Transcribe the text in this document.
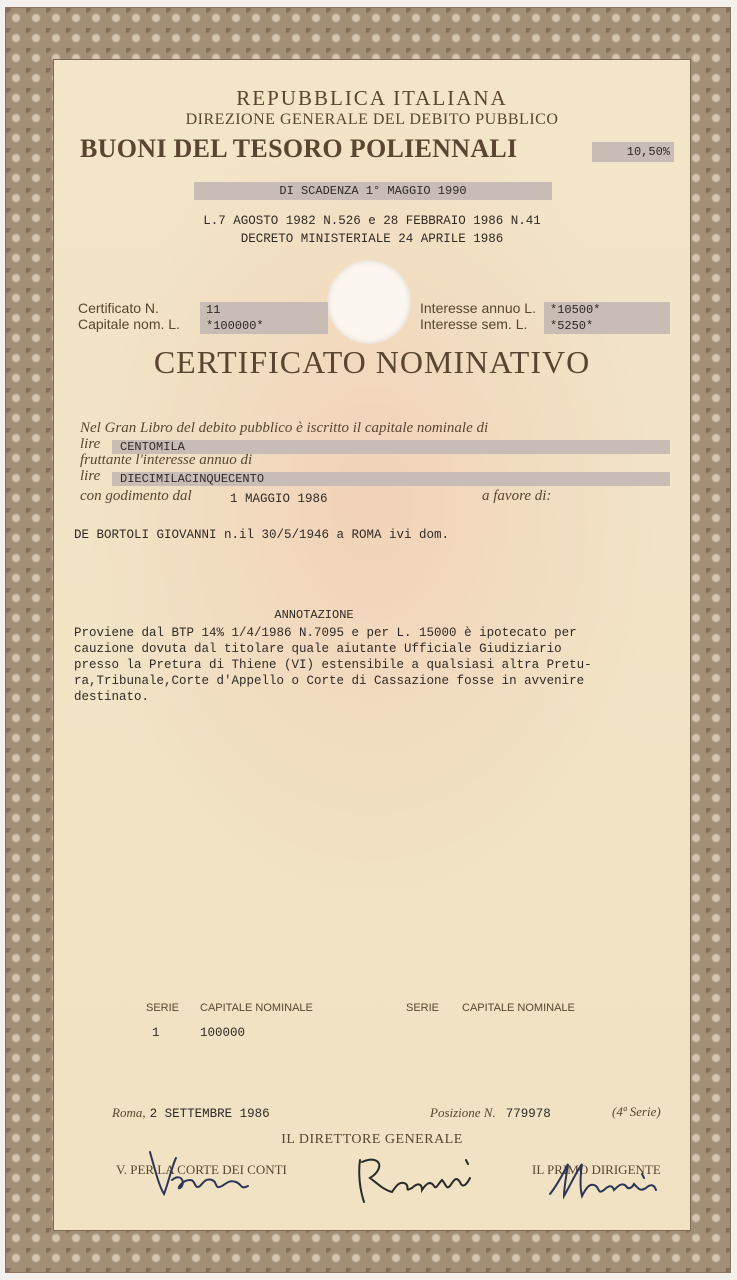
REPUBBLICA ITALIANA
DIREZIONE GENERALE DEL DEBITO PUBBLICO
BUONI DEL TESORO POLIENNALI	10,50%
DI SCADENZA 1° MAGGIO 1990
L.7 AGOSTO 1982 N.526 e 28 FEBBRAIO 1986 N.41
DECRETO MINISTERIALE 24 APRILE 1986
Certificato N.	11
Capitale nom. L.	*100000*
Interesse annuo L.	*10500*
Interesse sem. L.	*5250*
CERTIFICATO NOMINATIVO
Nel Gran Libro del debito pubblico è iscritto il capitale nominale di
lire	CENTOMILA
fruttante l'interesse annuo di
lire	DIECIMILACINQUECENTO
con godimento dal	1 MAGGIO 1986	a favore di:
DE BORTOLI GIOVANNI n.il 30/5/1946 a ROMA ivi dom.
ANNOTAZIONE
Proviene dal BTP 14% 1/4/1986 N.7095 e per L. 15000 è ipotecato per
cauzione dovuta dal titolare quale aiutante Ufficiale Giudiziario
presso la Pretura di Thiene (VI) estensibile a qualsiasi altra Pretu-
ra,Tribunale,Corte d'Appello o Corte di Cassazione fosse in avvenire
destinato.
SERIE CAPITALE NOMINALE	SERIE CAPITALE NOMINALE
1	100000
Roma, 2 SETTEMBRE 1986	Posizione N. 779978	(4ª Serie)
IL DIRETTORE GENERALE
V. PER LA CORTE DEI CONTI	IL PRIMO DIRIGENTE
